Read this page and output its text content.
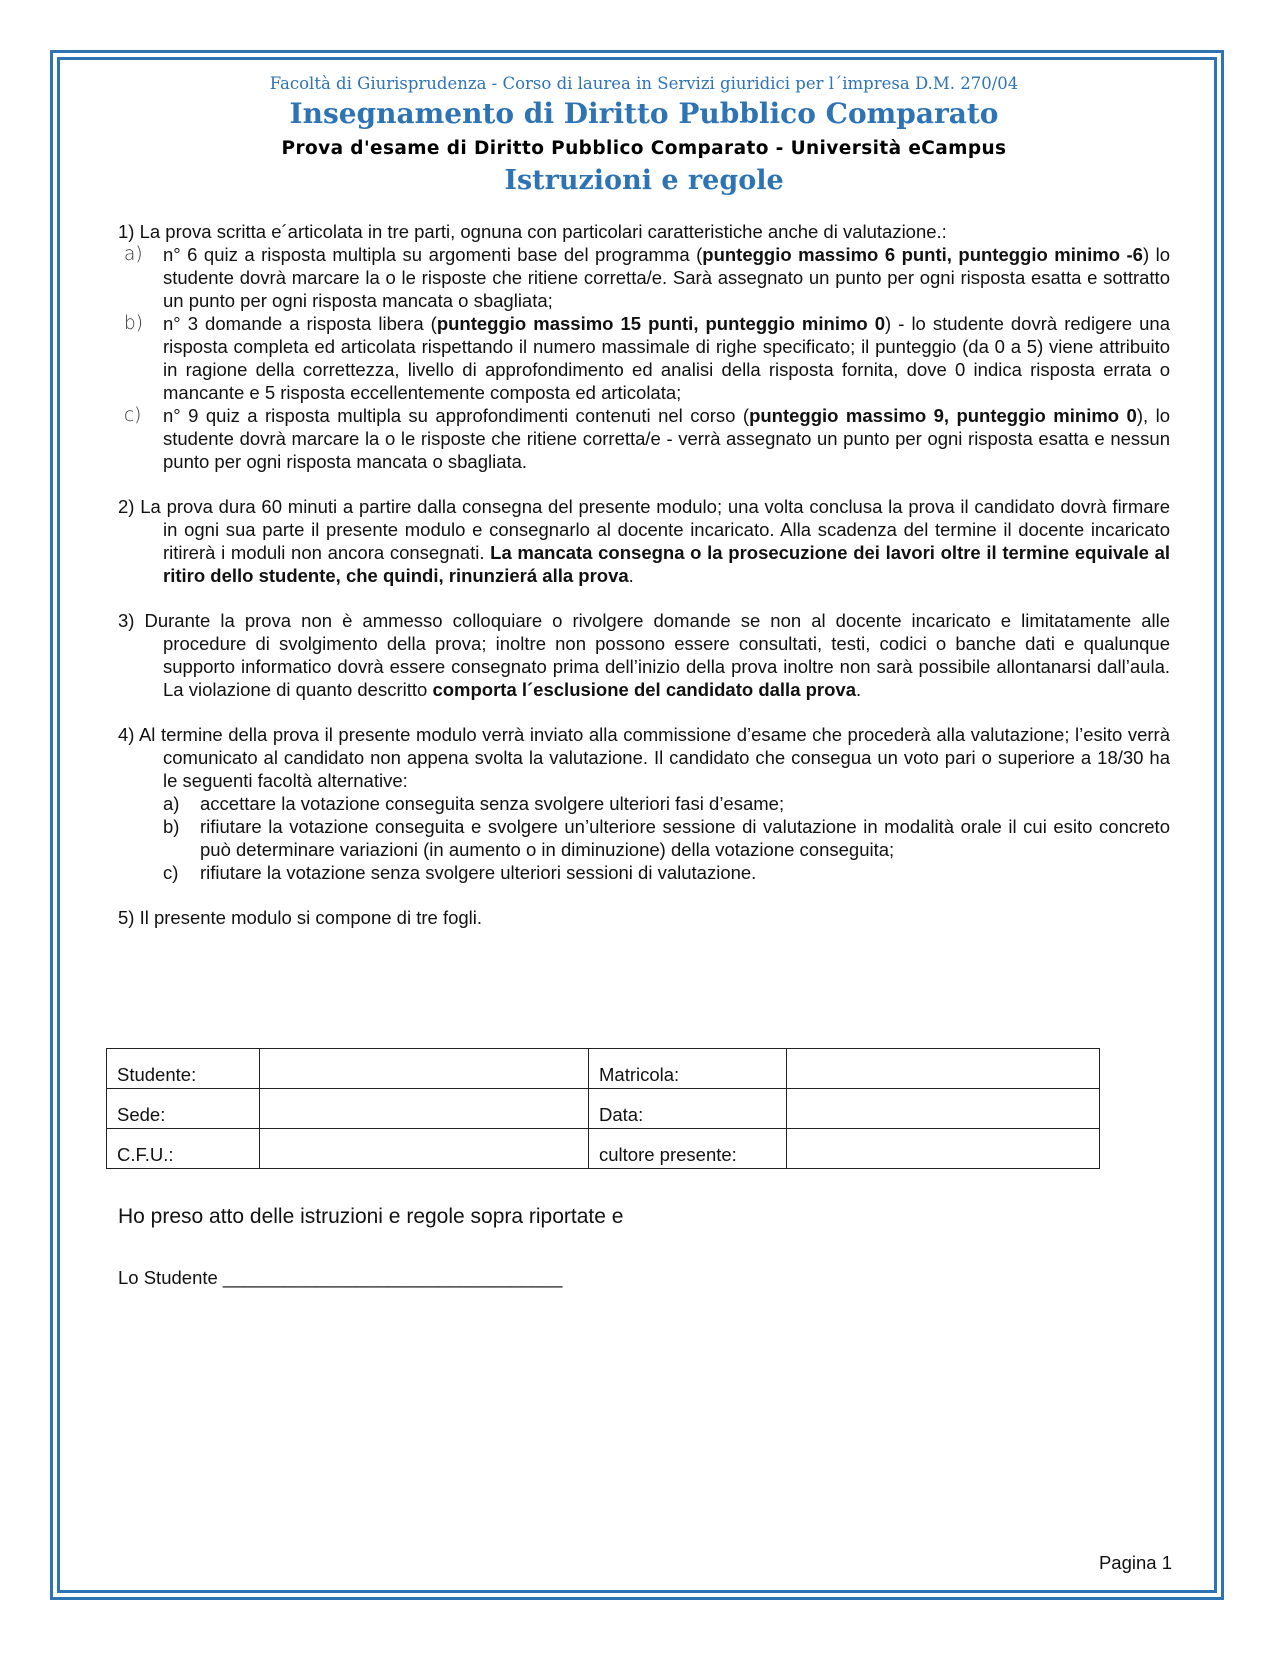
Facoltà di Giurisprudenza - Corso di laurea in Servizi giuridici per l´impresa D.M. 270/04
Insegnamento di Diritto Pubblico Comparato
Prova d'esame di Diritto Pubblico Comparato - Università eCampus
Istruzioni e regole

1) La prova scritta e´articolata in tre parti, ognuna con particolari caratteristiche anche di valutazione.:

a) n° 6 quiz a risposta multipla su argomenti base del programma (punteggio massimo 6 punti, punteggio minimo -6) lo studente dovrà marcare la o le risposte che ritiene corretta/e. Sarà assegnato un punto per ogni risposta esatta e sottratto un punto per ogni risposta mancata o sbagliata;

b) n° 3 domande a risposta libera (punteggio massimo 15 punti, punteggio minimo 0) - lo studente dovrà redigere una risposta completa ed articolata rispettando il numero massimale di righe specificato; il punteggio (da 0 a 5) viene attribuito in ragione della correttezza, livello di approfondimento ed analisi della risposta fornita, dove 0 indica risposta errata o mancante e 5 risposta eccellentemente composta ed articolata;

c) n° 9 quiz a risposta multipla su approfondimenti contenuti nel corso (punteggio massimo 9, punteggio minimo 0), lo studente dovrà marcare la o le risposte che ritiene corretta/e - verrà assegnato un punto per ogni risposta esatta e nessun punto per ogni risposta mancata o sbagliata.

2) La prova dura 60 minuti a partire dalla consegna del presente modulo; una volta conclusa la prova il candidato dovrà firmare in ogni sua parte il presente modulo e consegnarlo al docente incaricato. Alla scadenza del termine il docente incaricato ritirerà i moduli non ancora consegnati. La mancata consegna o la prosecuzione dei lavori oltre il termine equivale al ritiro dello studente, che quindi, rinunzierá alla prova.

3) Durante la prova non è ammesso colloquiare o rivolgere domande se non al docente incaricato e limitatamente alle procedure di svolgimento della prova; inoltre non possono essere consultati, testi, codici o banche dati e qualunque supporto informatico dovrà essere consegnato prima dell’inizio della prova inoltre non sarà possibile allontanarsi dall’aula. La violazione di quanto descritto comporta l´esclusione del candidato dalla prova.

4) Al termine della prova il presente modulo verrà inviato alla commissione d’esame che procederà alla valutazione; l’esito verrà comunicato al candidato non appena svolta la valutazione. Il candidato che consegua un voto pari o superiore a 18/30 ha le seguenti facoltà alternative:

a) accettare la votazione conseguita senza svolgere ulteriori fasi d’esame;

b) rifiutare la votazione conseguita e svolgere un’ulteriore sessione di valutazione in modalità orale il cui esito concreto può determinare variazioni (in aumento o in diminuzione) della votazione conseguita;

c) rifiutare la votazione senza svolgere ulteriori sessioni di valutazione.

5) Il presente modulo si compone di tre fogli.

Studente:		Matricola:	
Sede:		Data:	
C.F.U.:		cultore presente:	
Ho preso atto delle istruzioni e regole sopra riportate e
Lo Studente _________________________________
Pagina 1
